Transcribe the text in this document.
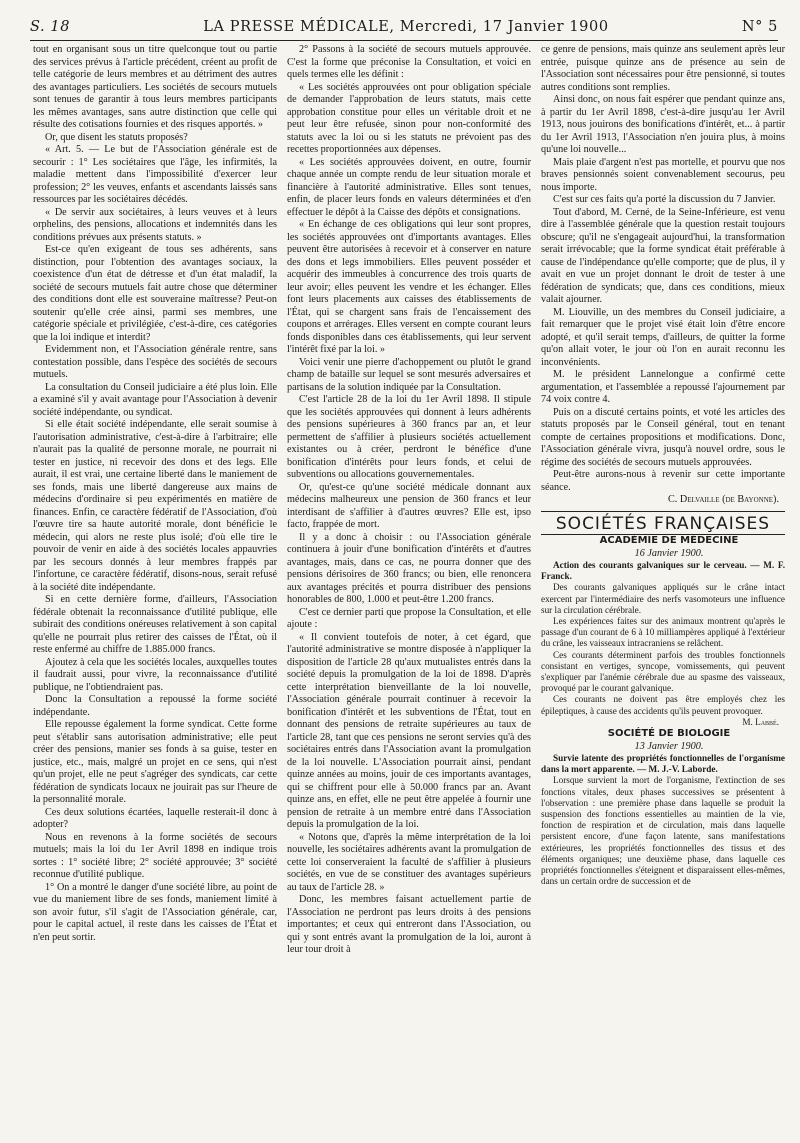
S. 18	LA PRESSE MÉDICALE, Mercredi, 17 Janvier 1900	N° 5

tout en organisant sous un titre quelconque tout ou partie des services prévus à l'article précédent, créent au profit de telle catégorie de leurs membres et au détriment des autres des avantages particuliers. Les sociétés de secours mutuels sont tenues de garantir à tous leurs membres participants les mêmes avantages, sans autre distinction que celle qui résulte des cotisations fournies et des risques apportés. »

Or, que disent les statuts proposés?

« Art. 5. — Le but de l'Association générale est de secourir : 1° Les sociétaires que l'âge, les infirmités, la maladie mettent dans l'impossibilité d'exercer leur profession; 2° les veuves, enfants et ascendants laissés sans ressources par les sociétaires décédés.

« De servir aux sociétaires, à leurs veuves et à leurs orphelins, des pensions, allocations et indemnités dans les conditions prévues aux présents statuts. »

Est-ce qu'en exigeant de tous ses adhérents, sans distinction, pour l'obtention des avantages sociaux, la coexistence d'un état de détresse et d'un état maladif, la société de secours mutuels fait autre chose que déterminer des conditions dont elle est souveraine maîtresse? Peut-on soutenir qu'elle crée ainsi, parmi ses membres, une catégorie spéciale et privilégiée, c'est-à-dire, ces catégories que la loi indique et interdit?

Evidemment non, et l'Association générale rentre, sans contestation possible, dans l'espèce des sociétés de secours mutuels.

La consultation du Conseil judiciaire a été plus loin. Elle a examiné s'il y avait avantage pour l'Association à devenir société indépendante, ou syndicat.

Si elle était société indépendante, elle serait soumise à l'autorisation administrative, c'est-à-dire à l'arbitraire; elle n'aurait pas la qualité de personne morale, ne pourrait ni tester en justice, ni recevoir des dons et des legs. Elle aurait, il est vrai, une certaine liberté dans le maniement de ses fonds, mais une liberté dangereuse aux mains de médecins d'ordinaire si peu expérimentés en matière de finances. Enfin, ce caractère fédératif de l'Association, d'où l'œuvre tire sa haute autorité morale, dont bénéficie le médecin, qui alors ne reste plus isolé; d'où elle tire le pouvoir de venir en aide à des sociétés locales appauvries par les secours donnés à leur membres frappés par l'infortune, ce caractère fédératif, disons-nous, serait refusé à la société dite indépendante.

Si en cette dernière forme, d'ailleurs, l'Association fédérale obtenait la reconnaissance d'utilité publique, elle subirait des conditions onéreuses relativement à son capital qu'elle ne pourrait plus retirer des caisses de l'État, où il reste enfermé au chiffre de 1.885.000 francs.

Ajoutez à cela que les sociétés locales, auxquelles toutes il faudrait aussi, pour vivre, la reconnaissance d'utilité publique, ne l'obtiendraient pas.

Donc la Consultation a repoussé la forme société indépendante.

Elle repousse également la forme syndicat. Cette forme peut s'établir sans autorisation administrative; elle peut créer des pensions, manier ses fonds à sa guise, tester en justice, etc., mais, malgré un projet en ce sens, qui n'est qu'un projet, elle ne peut s'agréger des syndicats, car cette fédération de syndicats locaux ne jouirait pas sur l'heure de la personnalité morale.

Ces deux solutions écartées, laquelle resterait-il donc à adopter?

Nous en revenons à la forme sociétés de secours mutuels; mais la loi du 1er Avril 1898 en indique trois sortes : 1° société libre; 2° société approuvée; 3° société reconnue d'utilité publique.

1° On a montré le danger d'une société libre, au point de vue du maniement libre de ses fonds, maniement limité à son avoir futur, s'il s'agit de l'Association générale, car, pour le capital actuel, il reste dans les caisses de l'État et n'en peut sortir.

2° Passons à la société de secours mutuels approuvée. C'est la forme que préconise la Consultation, et voici en quels termes elle les définit :

« Les sociétés approuvées ont pour obligation spéciale de demander l'approbation de leurs statuts, mais cette approbation constitue pour elles un véritable droit et ne peut leur être refusée, sinon pour non-conformité des statuts avec la loi ou si les statuts ne prévoient pas des recettes proportionnées aux dépenses.

« Les sociétés approuvées doivent, en outre, fournir chaque année un compte rendu de leur situation morale et financière à l'autorité administrative. Elles sont tenues, enfin, de placer leurs fonds en valeurs déterminées et d'en effectuer le dépôt à la Caisse des dépôts et consignations.

« En échange de ces obligations qui leur sont propres, les sociétés approuvées ont d'importants avantages. Elles peuvent être autorisées à recevoir et à conserver en nature des dons et legs immobiliers. Elles peuvent posséder et acquérir des immeubles à concurrence des trois quarts de leur avoir; elles peuvent les vendre et les échanger. Elles font leurs placements aux caisses des établissements de l'État, qui se chargent sans frais de l'encaissement des coupons et arrérages. Elles versent en compte courant leurs fonds disponibles dans ces établissements, qui leur servent l'intérêt fixé par la loi. »

Voici venir une pierre d'achoppement ou plutôt le grand champ de bataille sur lequel se sont mesurés adversaires et partisans de la solution indiquée par la Consultation.

C'est l'article 28 de la loi du 1er Avril 1898. Il stipule que les sociétés approuvées qui donnent à leurs adhérents des pensions supérieures à 360 francs par an, et leur permettent de s'affilier à plusieurs sociétés actuellement existantes ou à créer, perdront le bénéfice d'une bonification d'intérêts pour leurs fonds, et celui de subventions ou allocations gouvernementales.

Or, qu'est-ce qu'une société médicale donnant aux médecins malheureux une pension de 360 francs et leur interdisant de s'affilier à d'autres œuvres? Elle est, ipso facto, frappée de mort.

Il y a donc à choisir : ou l'Association générale continuera à jouir d'une bonification d'intérêts et d'autres avantages, mais, dans ce cas, ne pourra donner que des pensions dérisoires de 360 francs; ou bien, elle renoncera aux avantages précités et pourra distribuer des pensions honorables de 800, 1.000 et peut-être 1.200 francs.

C'est ce dernier parti que propose la Consultation, et elle ajoute :

« Il convient toutefois de noter, à cet égard, que l'autorité administrative se montre disposée à n'appliquer la disposition de l'article 28 qu'aux mutualistes entrés dans la société depuis la promulgation de la loi de 1898. D'après cette interprétation bienveillante de la loi nouvelle, l'Association générale pourrait continuer à recevoir la bonification d'intérêt et les subventions de l'État, tout en donnant des pensions de retraite supérieures au taux de l'article 28, tant que ces pensions ne seront servies qu'à des sociétaires entrés dans l'Association avant la promulgation de la loi nouvelle. L'Association pourrait ainsi, pendant quinze années au moins, jouir de ces importants avantages, qui se chiffrent pour elle à 50.000 francs par an. Avant quinze ans, en effet, elle ne peut être appelée à fournir une pension de retraite à un membre entré dans l'Association depuis la promulgation de la loi.

« Notons que, d'après la même interprétation de la loi nouvelle, les sociétaires adhérents avant la promulgation de cette loi conserveraient la faculté de s'affilier à plusieurs sociétés, en vue de se constituer des avantages supérieurs au taux de l'article 28. »

Donc, les membres faisant actuellement partie de l'Association ne perdront pas leurs droits à des pensions importantes; et ceux qui entreront dans l'Association, ou qui y sont entrés avant la promulgation de la loi, auront à leur tour droit à

ce genre de pensions, mais quinze ans seulement après leur entrée, puisque quinze ans de présence au sein de l'Association sont nécessaires pour être pensionné, si toutes autres conditions sont remplies.

Ainsi donc, on nous fait espérer que pendant quinze ans, à partir du 1er Avril 1898, c'est-à-dire jusqu'au 1er Avril 1913, nous jouirons des bonifications d'intérêt, et... à partir du 1er Avril 1913, l'Association n'en jouira plus, à moins qu'une loi nouvelle...

Mais plaie d'argent n'est pas mortelle, et pourvu que nos braves pensionnés soient convenablement secourus, peu nous importe.

C'est sur ces faits qu'a porté la discussion du 7 Janvier.

Tout d'abord, M. Cerné, de la Seine-Inférieure, est venu dire à l'assemblée générale que la question restait toujours obscure; qu'il ne s'engageait aujourd'hui, la transformation serait irrévocable; que la forme syndicat était préférable à cause de l'indépendance qu'elle comporte; que de plus, il y avait en vue un projet donnant le droit de tester à une fédération de syndicats; que, dans ces conditions, mieux valait ajourner.

M. Liouville, un des membres du Conseil judiciaire, a fait remarquer que le projet visé était loin d'être encore adopté, et qu'il serait temps, d'ailleurs, de quitter la forme qu'on allait voter, le jour où l'on en aurait reconnu les inconvénients.

M. le président Lannelongue a confirmé cette argumentation, et l'assemblée a repoussé l'ajournement par 74 voix contre 4.

Puis on a discuté certains points, et voté les articles des statuts proposés par le Conseil général, tout en tenant compte de certaines propositions et modifications. Donc, l'Association générale vivra, jusqu'à nouvel ordre, sous le régime des sociétés de secours mutuels approuvées.

Peut-être aurons-nous à revenir sur cette importante séance.

C. Delvaille (de Bayonne).

SOCIÉTÉS FRANÇAISES

ACADÉMIE DE MÉDECINE

16 Janvier 1900.

Action des courants galvaniques sur le cerveau. — M. F. Franck.

Des courants galvaniques appliqués sur le crâne intact exercent par l'intermédiaire des nerfs vasomoteurs une influence sur la circulation cérébrale.

Les expériences faites sur des animaux montrent qu'après le passage d'un courant de 6 à 10 milliampères appliqué à l'extérieur du crâne, les vaisseaux intracraniens se relâchent.

Ces courants déterminent parfois des troubles fonctionnels consistant en vertiges, syncope, vomissements, qui peuvent s'expliquer par l'anémie cérébrale due au spasme des vaisseaux, provoqué par le courant galvanique.

Ces courants ne doivent pas être employés chez les épileptiques, à cause des accidents qu'ils peuvent provoquer.

M. Labbé.

SOCIÉTÉ DE BIOLOGIE

13 Janvier 1900.

Survie latente des propriétés fonctionnelles de l'organisme dans la mort apparente. — M. J.-V. Laborde.

Lorsque survient la mort de l'organisme, l'extinction de ses fonctions vitales, deux phases successives se présentent à l'observation : une première phase dans laquelle se produit la suspension des fonctions essentielles au maintien de la vie, fonction de respiration et de circulation, mais dans laquelle persistent encore, d'une façon latente, sans manifestations extérieures, les propriétés fonctionnelles des tissus et des éléments organiques; une deuxième phase, dans laquelle ces propriétés fonctionnelles s'éteignent et disparaissent elles-mêmes, dans un certain ordre de succession et de
